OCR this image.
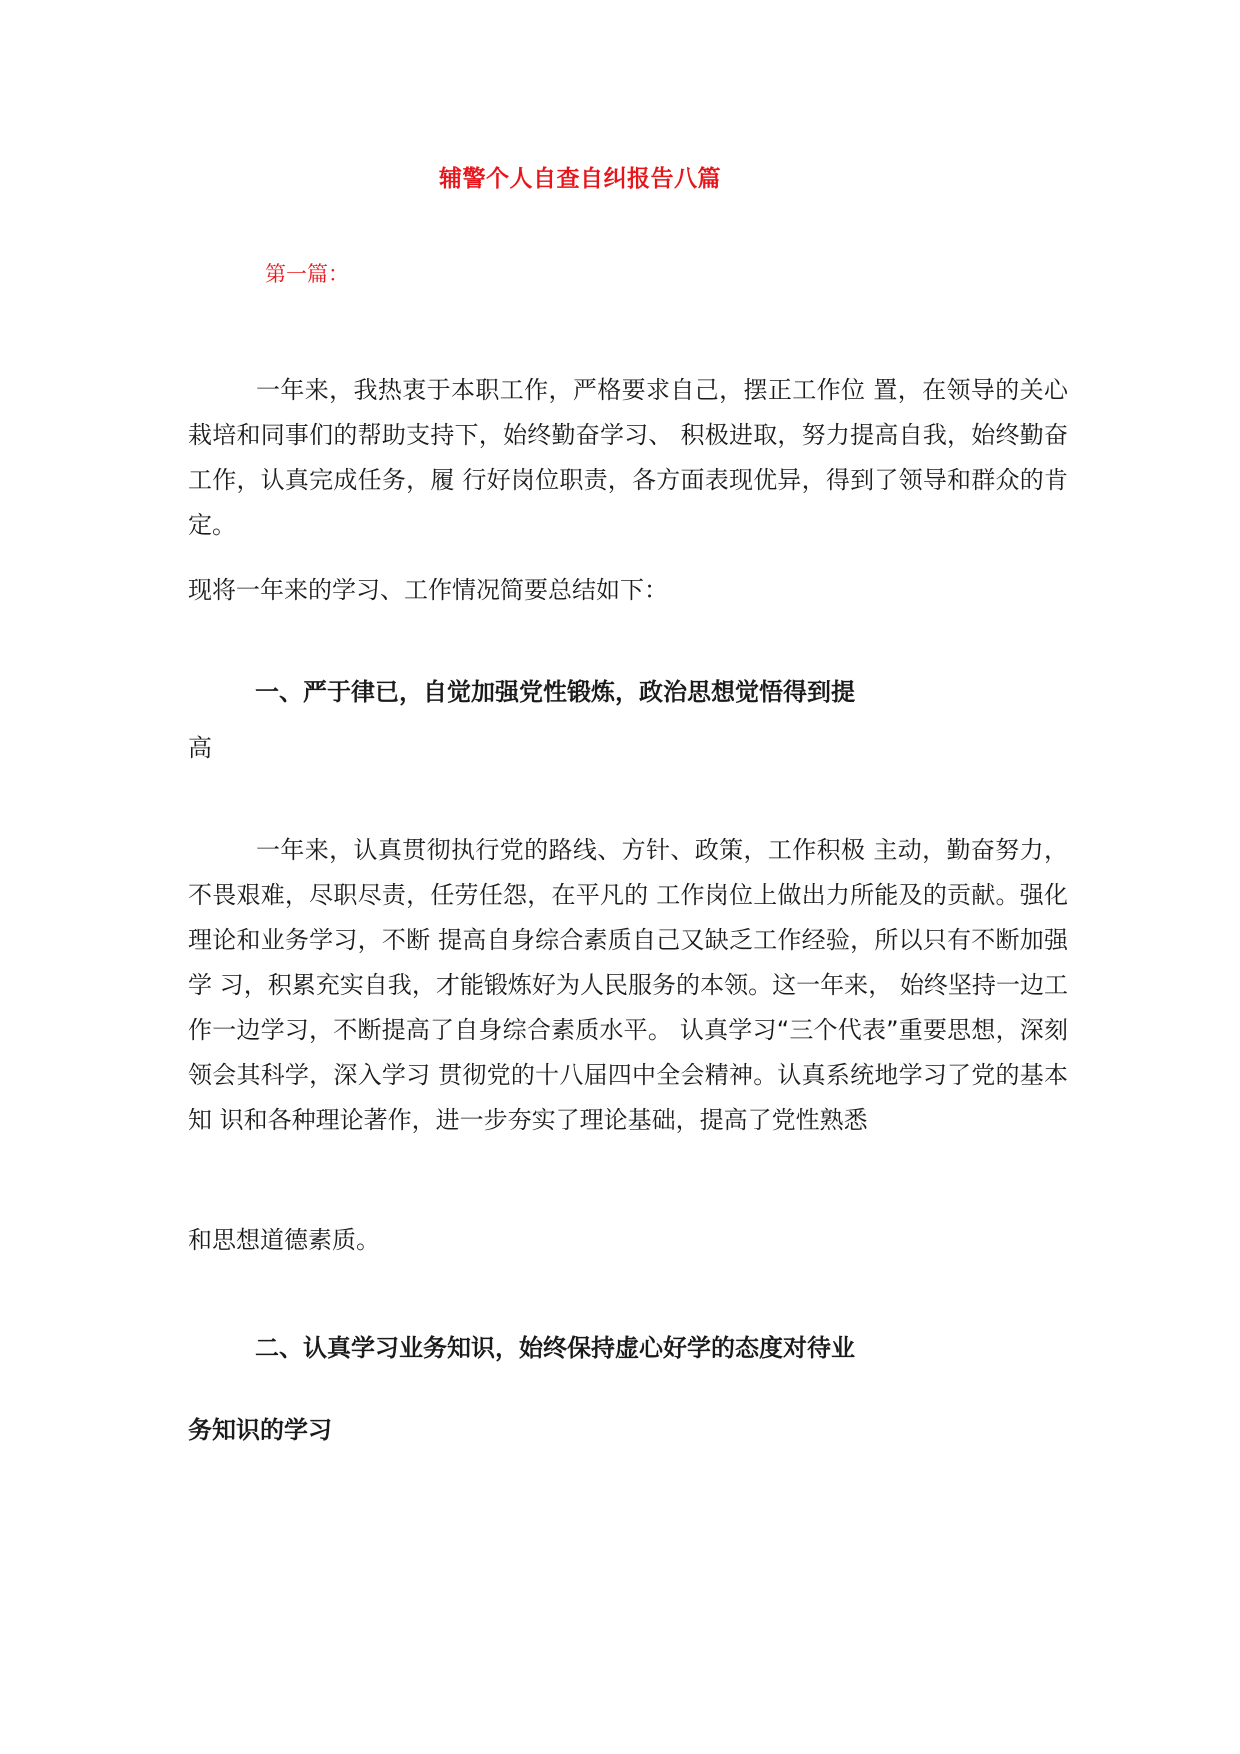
辅警个人自查自纠报告八篇

第一篇：

一年来，我热衷于本职工作，严格要求自己，摆正工作位 置，在领导的关心栽培和同事们的帮助支持下，始终勤奋学习、 积极进取，努力提高自我，始终勤奋工作，认真完成任务，履 行好岗位职责，各方面表现优异，得到了领导和群众的肯定。

现将一年来的学习、工作情况简要总结如下：

一、严于律已，自觉加强党性锻炼，政治思想觉悟得到提

高

一年来，认真贯彻执行党的路线、方针、政策，工作积极 主动，勤奋努力，不畏艰难，尽职尽责，任劳任怨，在平凡的 工作岗位上做出力所能及的贡献。强化理论和业务学习，不断 提高自身综合素质自己又缺乏工作经验，所以只有不断加强学 习，积累充实自我，才能锻炼好为人民服务的本领。这一年来， 始终坚持一边工作一边学习，不断提高了自身综合素质水平。 认真学习“三个代表”重要思想，深刻领会其科学，深入学习 贯彻党的十八届四中全会精神。认真系统地学习了党的基本知 识和各种理论著作，进一步夯实了理论基础，提高了党性熟悉

和思想道德素质。

二、认真学习业务知识，始终保持虚心好学的态度对待业

务知识的学习
